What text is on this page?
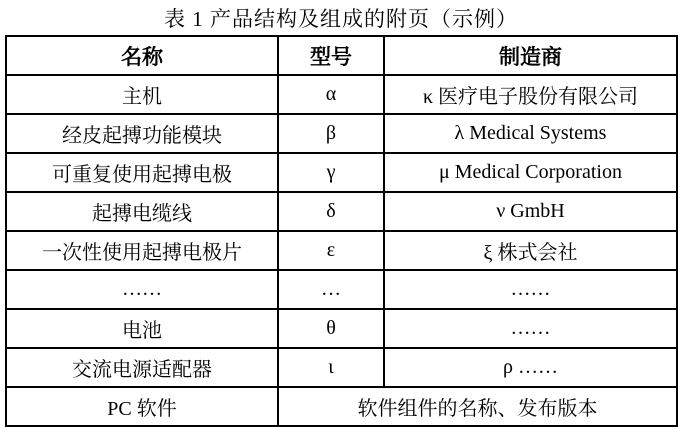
表 1 产品结构及组成的附页（示例）
名称	型号	制造商
主机	α	κ 医疗电子股份有限公司
经皮起搏功能模块	β	λ Medical Systems
可重复使用起搏电极	γ	μ Medical Corporation
起搏电缆线	δ	ν GmbH
一次性使用起搏电极片	ε	ξ 株式会社
……	…	……
电池	θ	……
交流电源适配器	ι	ρ ……
PC 软件	软件组件的名称、发布版本	
